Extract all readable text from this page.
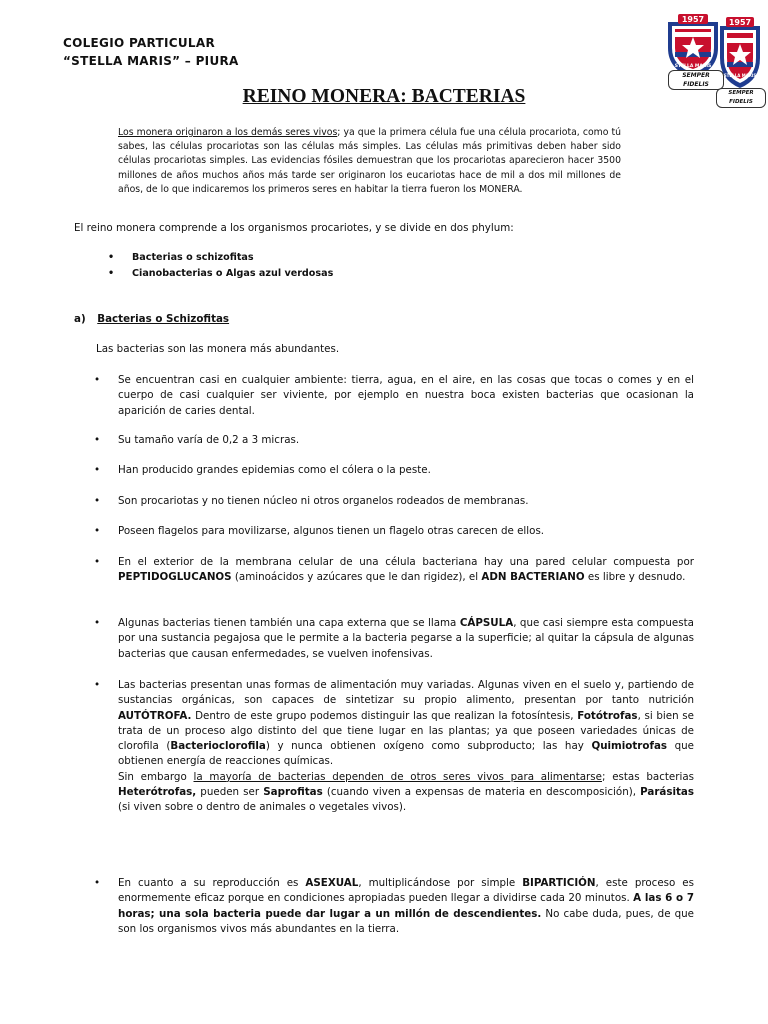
COLEGIO PARTICULAR
“STELLA MARIS” – PIURA
1957
STELLA MARIS
SEMPER FIDELIS
1957
STELLA MARIS
SEMPER FIDELIS
REINO MONERA: BACTERIAS
Los monera originaron a los demás seres vivos; ya que la primera célula fue una célula procariota, como tú sabes, las células procariotas son las células más simples. Las células más primitivas deben haber sido células procariotas simples. Las evidencias fósiles demuestran que los procariotas aparecieron hacer 3500 millones de años muchos años más tarde ser originaron los eucariotas hace de mil a dos mil millones de años, de lo que indicaremos los primeros seres en habitar la tierra fueron los MONERA.
El reino monera comprende a los organismos procariotes, y se divide en dos phylum:
• Bacterias o schizofitas
• Cianobacterias o Algas azul verdosas
a) Bacterias o Schizofitas
Las bacterias son las monera más abundantes.
• Se encuentran casi en cualquier ambiente: tierra, agua, en el aire, en las cosas que tocas o comes y en el cuerpo de casi cualquier ser viviente, por ejemplo en nuestra boca existen bacterias que ocasionan la aparición de caries dental.
• Su tamaño varía de 0,2 a 3 micras.
• Han producido grandes epidemias como el cólera o la peste.
• Son procariotas y no tienen núcleo ni otros organelos rodeados de membranas.
• Poseen flagelos para movilizarse, algunos tienen un flagelo otras carecen de ellos.
• En el exterior de la membrana celular de una célula bacteriana hay una pared celular compuesta por PEPTIDOGLUCANOS (aminoácidos y azúcares que le dan rigidez), el ADN BACTERIANO es libre y desnudo.
• Algunas bacterias tienen también una capa externa que se llama CÁPSULA, que casi siempre esta compuesta por una sustancia pegajosa que le permite a la bacteria pegarse a la superficie; al quitar la cápsula de algunas bacterias que causan enfermedades, se vuelven inofensivas.
• Las bacterias presentan unas formas de alimentación muy variadas. Algunas viven en el suelo y, partiendo de sustancias orgánicas, son capaces de sintetizar su propio alimento, presentan por tanto nutrición AUTÓTROFA. Dentro de este grupo podemos distinguir las que realizan la fotosíntesis, Fotótrofas, si bien se trata de un proceso algo distinto del que tiene lugar en las plantas; ya que poseen variedades únicas de clorofila (Bacterioclorofila) y nunca obtienen oxígeno como subproducto; las hay Quimiotrofas que obtienen energía de reacciones químicas.
Sin embargo la mayoría de bacterias dependen de otros seres vivos para alimentarse; estas bacterias Heterótrofas, pueden ser Saprofitas (cuando viven a expensas de materia en descomposición), Parásitas (si viven sobre o dentro de animales o vegetales vivos).
• En cuanto a su reproducción es ASEXUAL, multiplicándose por simple BIPARTICIÓN, este proceso es enormemente eficaz porque en condiciones apropiadas pueden llegar a dividirse cada 20 minutos. A las 6 o 7 horas; una sola bacteria puede dar lugar a un millón de descendientes. No cabe duda, pues, de que son los organismos vivos más abundantes en la tierra.
